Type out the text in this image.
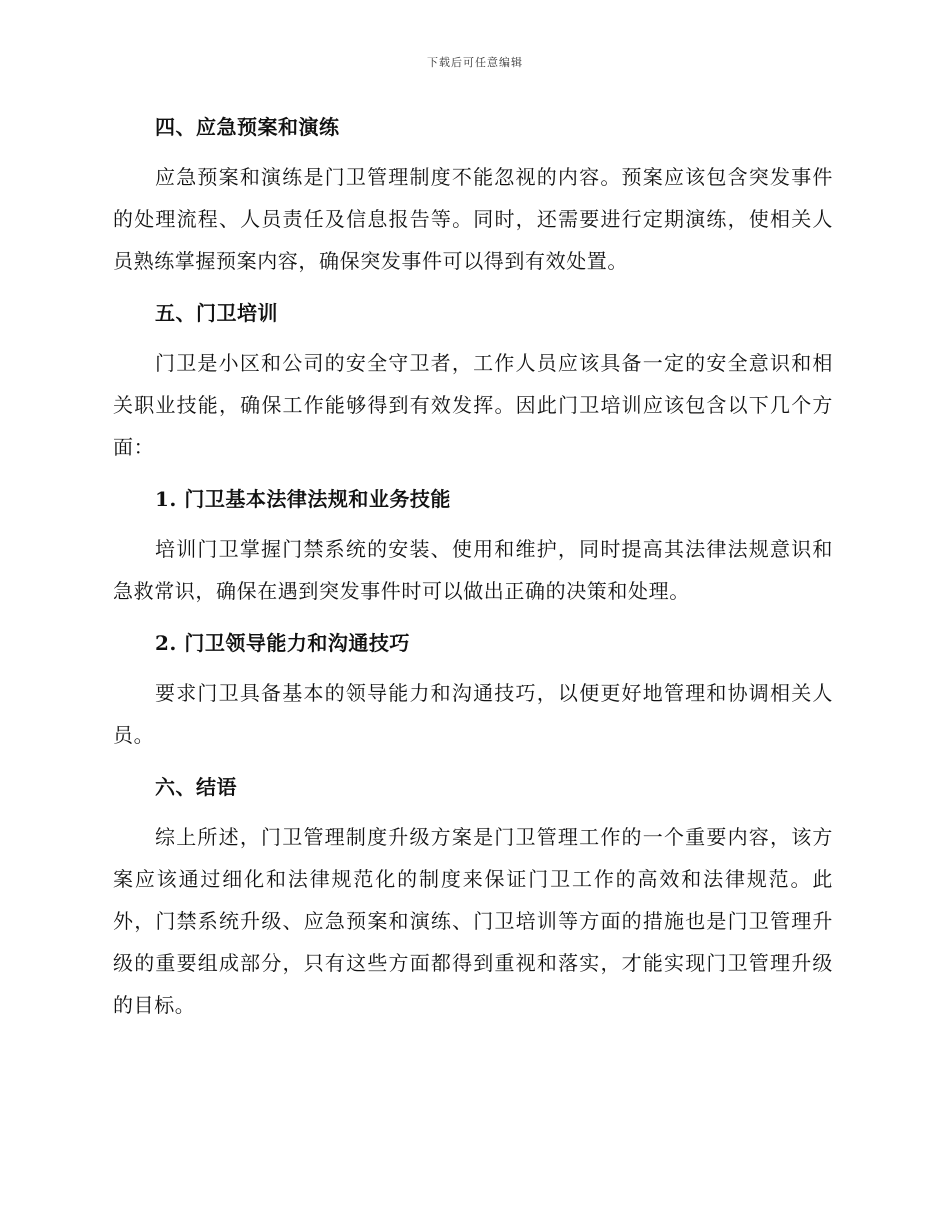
下载后可任意编辑
四、应急预案和演练

应急预案和演练是门卫管理制度不能忽视的内容。预案应该包含突发事件的处理流程、人员责任及信息报告等。同时，还需要进行定期演练，使相关人员熟练掌握预案内容，确保突发事件可以得到有效处置。

五、门卫培训

门卫是小区和公司的安全守卫者，工作人员应该具备一定的安全意识和相关职业技能，确保工作能够得到有效发挥。因此门卫培训应该包含以下几个方面：

1. 门卫基本法律法规和业务技能

培训门卫掌握门禁系统的安装、使用和维护，同时提高其法律法规意识和急救常识，确保在遇到突发事件时可以做出正确的决策和处理。

2. 门卫领导能力和沟通技巧

要求门卫具备基本的领导能力和沟通技巧，以便更好地管理和协调相关人员。

六、结语

综上所述，门卫管理制度升级方案是门卫管理工作的一个重要内容，该方案应该通过细化和法律规范化的制度来保证门卫工作的高效和法律规范。此外，门禁系统升级、应急预案和演练、门卫培训等方面的措施也是门卫管理升级的重要组成部分，只有这些方面都得到重视和落实，才能实现门卫管理升级的目标。
